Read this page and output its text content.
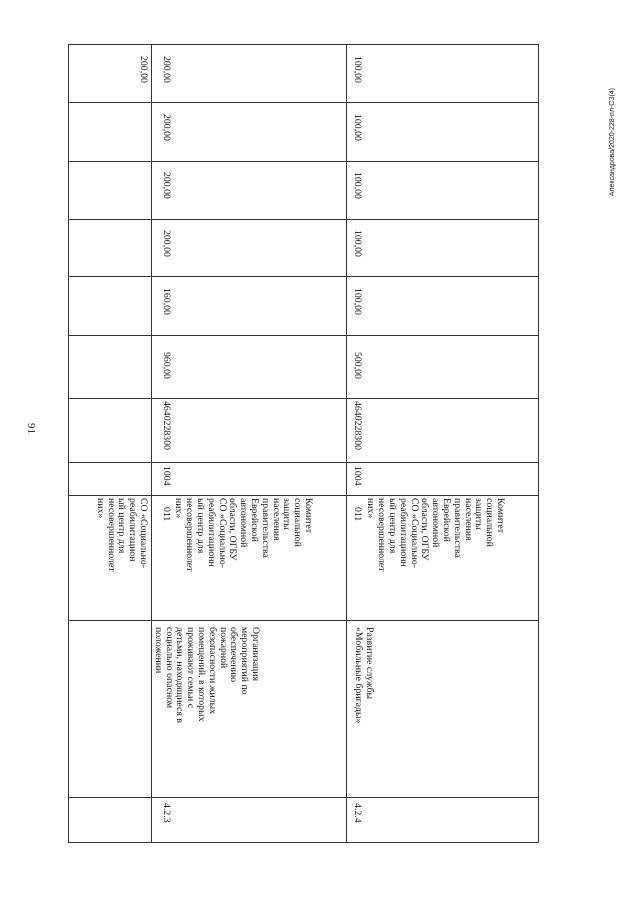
91
Александрова/2020-228-пл-СЗ(4)
СО «Социально-
реабилитацион
ый центр для
несовершеннолет
них»
200,00
4.2.3
Организация
мероприятий по
обеспечению
пожарной
безопасности жилых
помещений, в которых
проживают семьи с
детьми, находящиеся в
социально опасном
положении
Комитет
социальной
защиты
населения
правительства
Еврейской
автономной
области, ОГБУ
СО «Социально-
реабилитационн
ый центр для
несовершеннолет
них»
011
1004
4640228300
960,00
160,00
200,00
200,00
200,00
200,00
4.2.4
Развитие службы
«Мобильные бригады»
Комитет
социальной
защиты
населения
правительства
Еврейской
автономной
области, ОГБУ
СО «Социально-
реабилитационн
ый центр для
несовершеннолет
них»
011
1004
4640228300
500,00
100,00
100,00
100,00
100,00
100,00
